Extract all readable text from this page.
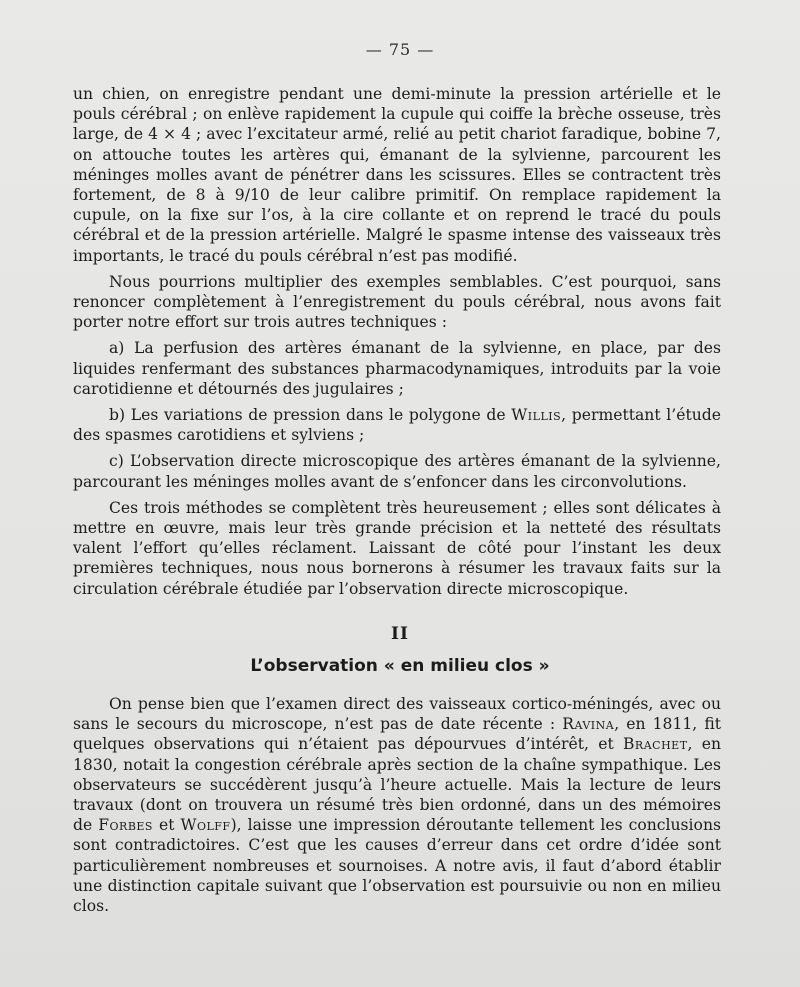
— 75 —

un chien, on enregistre pendant une demi-minute la pression artérielle et le pouls cérébral ; on enlève rapidement la cupule qui coiffe la brèche osseuse, très large, de 4 × 4 ; avec l’excitateur armé, relié au petit chariot faradique, bobine 7, on attouche toutes les artères qui, émanant de la sylvienne, parcourent les méninges molles avant de pénétrer dans les scissures. Elles se contractent très fortement, de 8 à 9/10 de leur calibre primitif. On remplace rapidement la cupule, on la fixe sur l’os, à la cire collante et on reprend le tracé du pouls cérébral et de la pression artérielle. Malgré le spasme intense des vaisseaux très importants, le tracé du pouls cérébral n’est pas modifié.

Nous pourrions multiplier des exemples semblables. C’est pourquoi, sans renoncer complètement à l’enregistrement du pouls cérébral, nous avons fait porter notre effort sur trois autres techniques :

a) La perfusion des artères émanant de la sylvienne, en place, par des liquides renfermant des substances pharmacodynamiques, introduits par la voie carotidienne et détournés des jugulaires ;

b) Les variations de pression dans le polygone de Willis, permettant l’étude des spasmes carotidiens et sylviens ;

c) L’observation directe microscopique des artères émanant de la sylvienne, parcourant les méninges molles avant de s’enfoncer dans les circonvolutions.

Ces trois méthodes se complètent très heureusement ; elles sont délicates à mettre en œuvre, mais leur très grande précision et la netteté des résultats valent l’effort qu’elles réclament. Laissant de côté pour l’instant les deux premières techniques, nous nous bornerons à résumer les travaux faits sur la circulation cérébrale étudiée par l’observation directe microscopique.

II
L’observation « en milieu clos »

On pense bien que l’examen direct des vaisseaux cortico-méningés, avec ou sans le secours du microscope, n’est pas de date récente : Ravina, en 1811, fit quelques observations qui n’étaient pas dépourvues d’intérêt, et Brachet, en 1830, notait la congestion cérébrale après section de la chaîne sympathique. Les observateurs se succédèrent jusqu’à l’heure actuelle. Mais la lecture de leurs travaux (dont on trouvera un résumé très bien ordonné, dans un des mémoires de Forbes et Wolff), laisse une impression déroutante tellement les conclusions sont contradictoires. C’est que les causes d’erreur dans cet ordre d’idée sont particulièrement nombreuses et sournoises. A notre avis, il faut d’abord établir une distinction capitale suivant que l’observation est poursuivie ou non en milieu clos.
